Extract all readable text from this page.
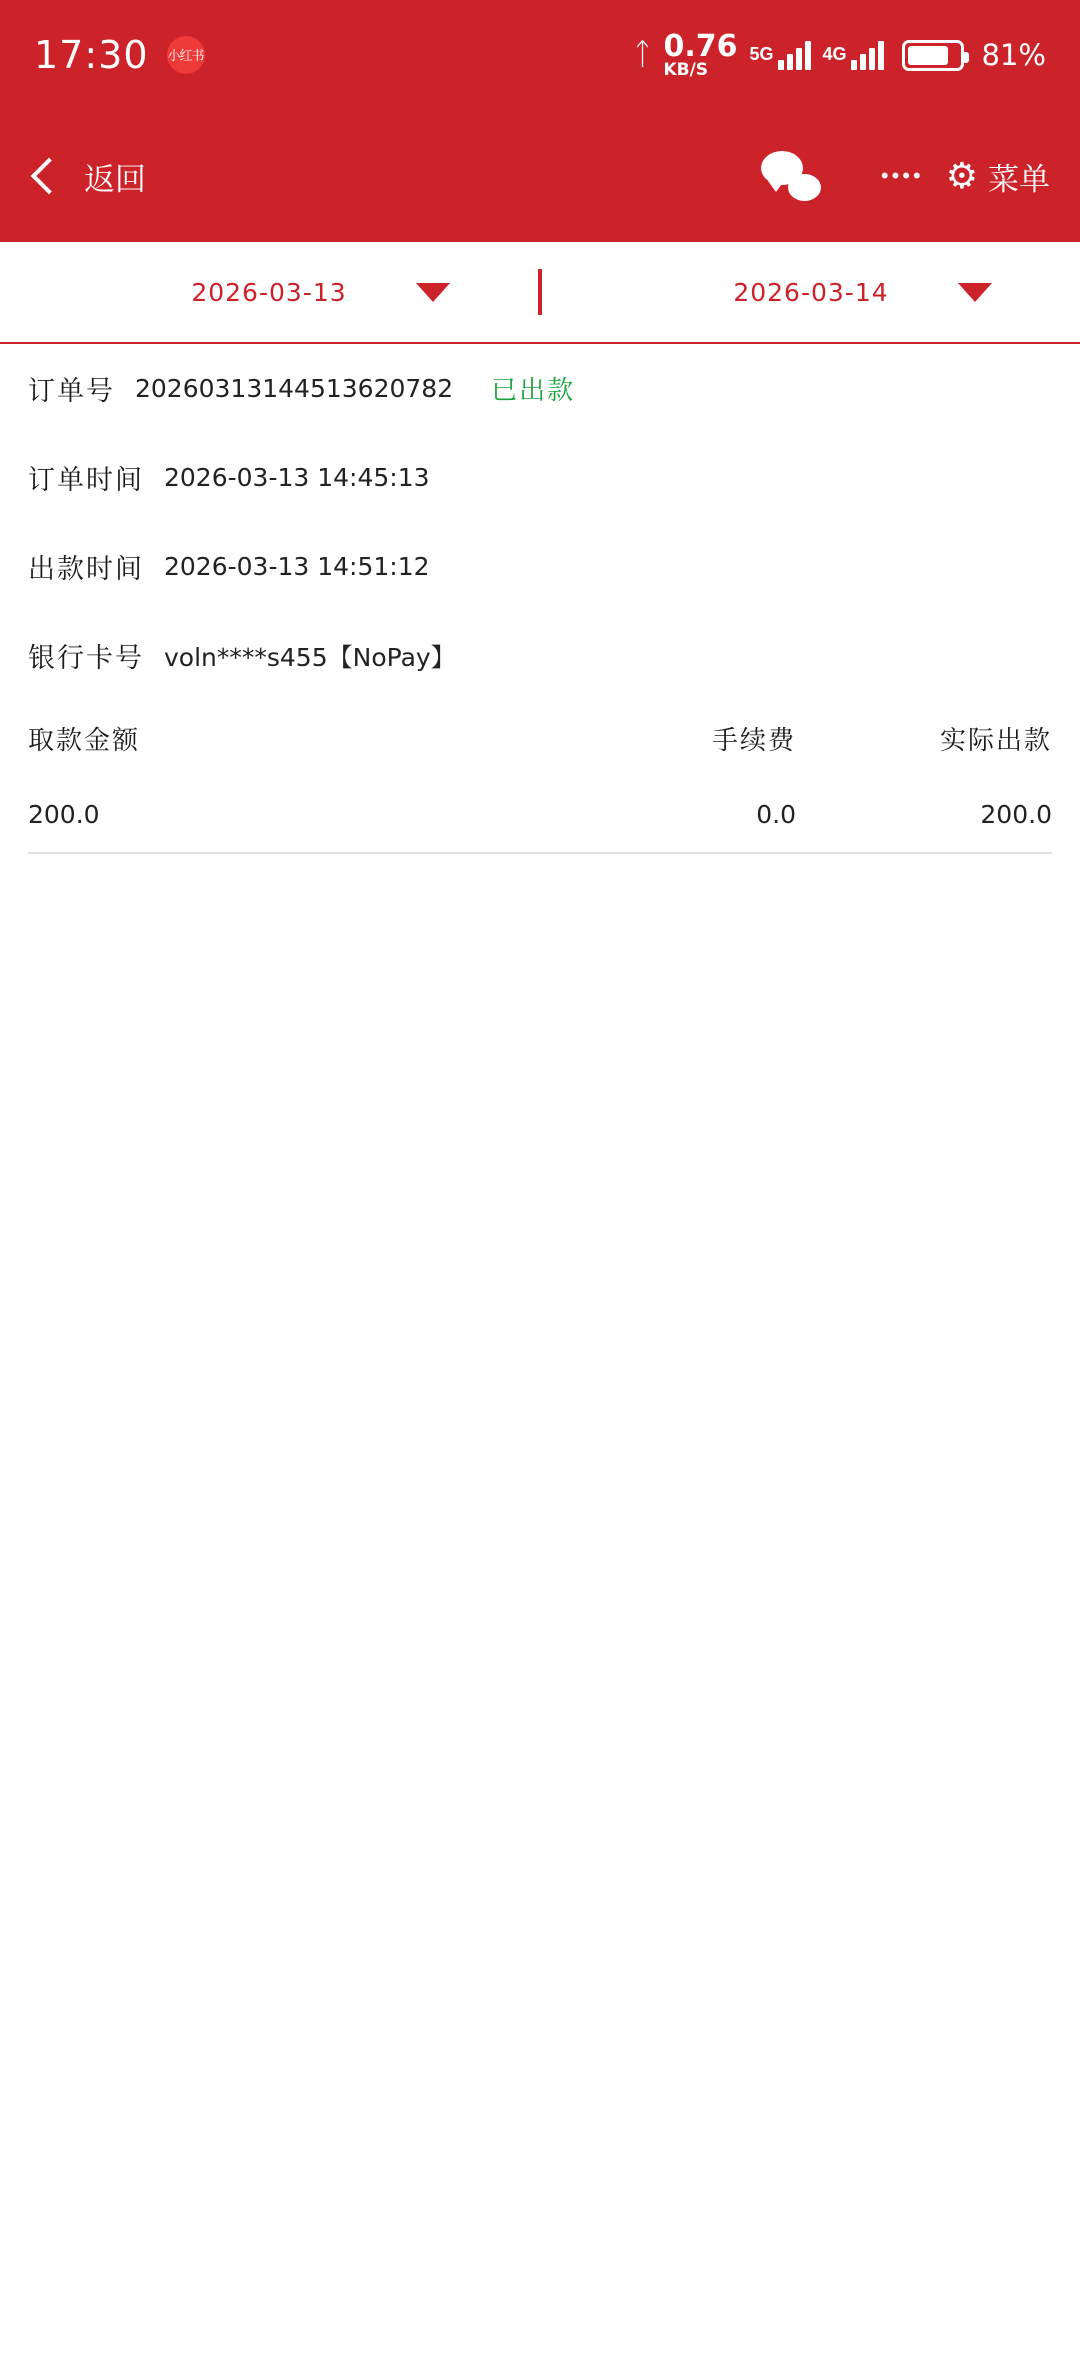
17:30 小红书	ᛏ 0.76
KB/S
5G	4G	81%
返回	•••• ⚙ 菜单
2026-03-13	2026-03-14
订单号 20260313144513620782 已出款
订单时间 2026-03-13 14:45:13
出款时间 2026-03-13 14:51:12
银行卡号 voln****s455【NoPay】
取款金额	手续费	实际出款
200.0	0.0	200.0
